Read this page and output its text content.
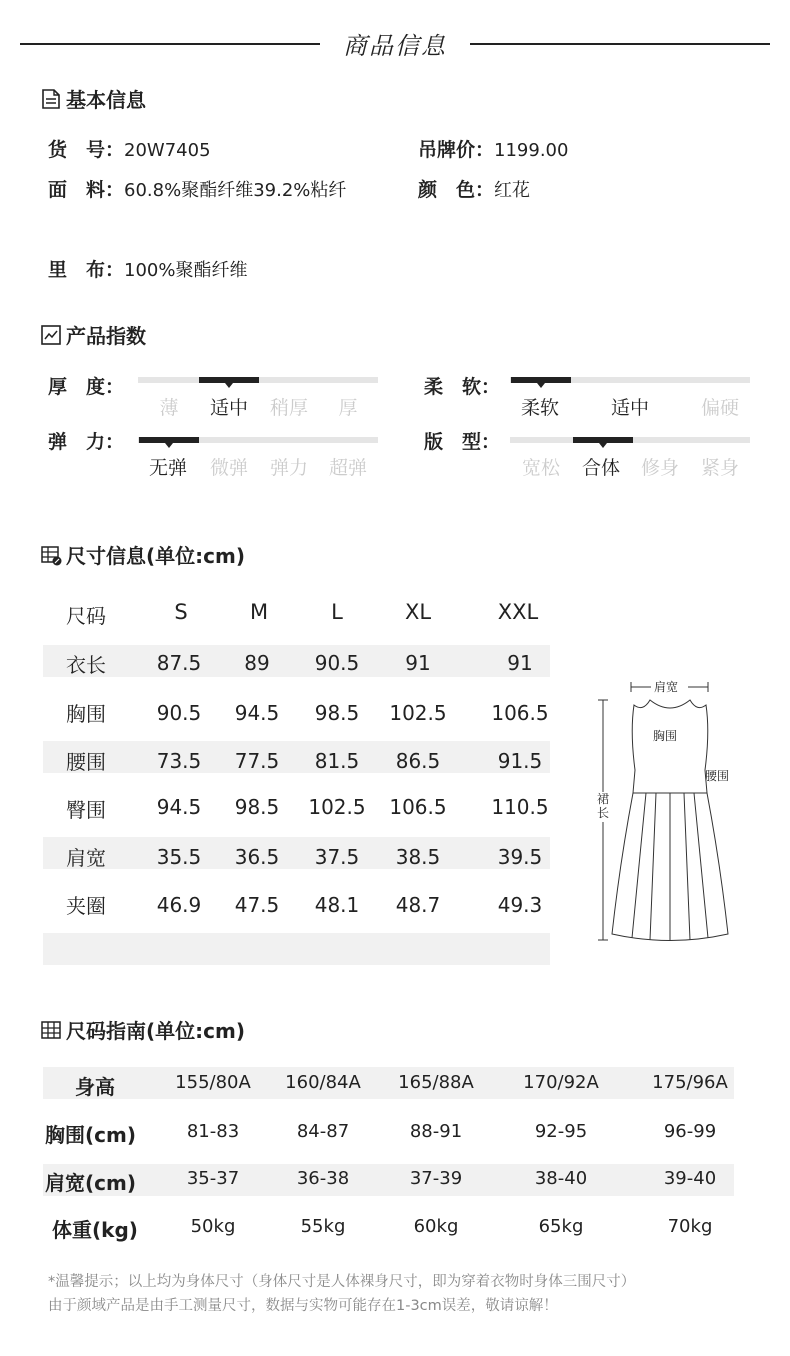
商品信息
基本信息
货　号：20W7405	吊牌价：1199.00
面　料：60.8%聚酯纤维39.2%粘纤	颜　色：红花
里　布：100%聚酯纤维
产品指数
厚　度：
薄	适中	稍厚	厚
柔　软：
柔软	适中	偏硬
弹　力：
无弹	微弹	弹力	超弹
版　型：
宽松	合体	修身	紧身
尺寸信息(单位:cm)
尺码	S	M	L	XL	XXL
衣长	87.5	89	90.5	91	91
胸围	90.5	94.5	98.5	102.5 106.5
腰围	73.5	77.5	81.5	86.5	91.5
臀围	94.5	98.5	102.5 106.5 110.5
肩宽	35.5	36.5	37.5	38.5	39.5
夹圈	46.9	47.5	48.1	48.7	49.3
肩宽
胸围
腰围
裙长
尺码指南(单位:cm)
身高	155/80A	160/84A	165/88A	170/92A	175/96A
胸围(cm)	81-83	84-87	88-91	92-95	96-99
肩宽(cm)	35-37	36-38	37-39	38-40	39-40
体重(kg)	50kg	55kg	60kg	65kg	70kg
*温馨提示；以上均为身体尺寸（身体尺寸是人体裸身尺寸，即为穿着衣物时身体三围尺寸）
由于颜域产品是由手工测量尺寸，数据与实物可能存在1-3cm误差，敬请谅解！
